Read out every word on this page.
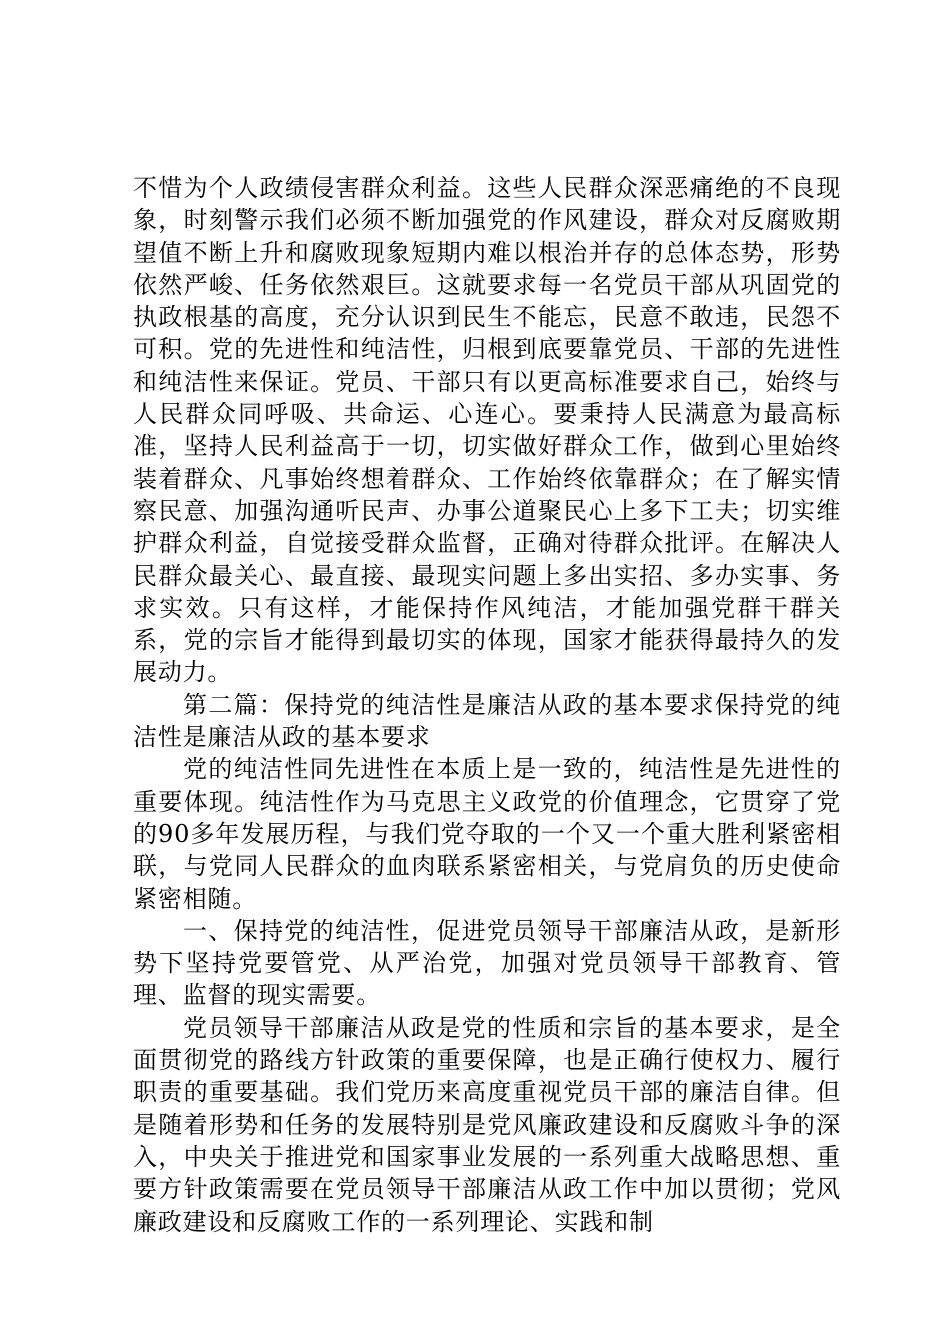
不惜为个人政绩侵害群众利益。这些人民群众深恶痛绝的不良现象，时刻警示我们必须不断加强党的作风建设，群众对反腐败期望值不断上升和腐败现象短期内难以根治并存的总体态势，形势依然严峻、任务依然艰巨。这就要求每一名党员干部从巩固党的执政根基的高度，充分认识到民生不能忘，民意不敢违，民怨不可积。党的先进性和纯洁性，归根到底要靠党员、干部的先进性和纯洁性来保证。党员、干部只有以更高标准要求自己，始终与人民群众同呼吸、共命运、心连心。要秉持人民满意为最高标准，坚持人民利益高于一切，切实做好群众工作，做到心里始终装着群众、凡事始终想着群众、工作始终依靠群众；在了解实情察民意、加强沟通听民声、办事公道聚民心上多下工夫；切实维护群众利益，自觉接受群众监督，正确对待群众批评。在解决人民群众最关心、最直接、最现实问题上多出实招、多办实事、务求实效。只有这样，才能保持作风纯洁，才能加强党群干群关系，党的宗旨才能得到最切实的体现，国家才能获得最持久的发展动力。

第二篇：保持党的纯洁性是廉洁从政的基本要求保持党的纯洁性是廉洁从政的基本要求

党的纯洁性同先进性在本质上是一致的，纯洁性是先进性的重要体现。纯洁性作为马克思主义政党的价值理念，它贯穿了党的90多年发展历程，与我们党夺取的一个又一个重大胜利紧密相联，与党同人民群众的血肉联系紧密相关，与党肩负的历史使命紧密相随。

一、保持党的纯洁性，促进党员领导干部廉洁从政，是新形势下坚持党要管党、从严治党，加强对党员领导干部教育、管理、监督的现实需要。

党员领导干部廉洁从政是党的性质和宗旨的基本要求，是全面贯彻党的路线方针政策的重要保障，也是正确行使权力、履行职责的重要基础。我们党历来高度重视党员干部的廉洁自律。但是随着形势和任务的发展特别是党风廉政建设和反腐败斗争的深入，中央关于推进党和国家事业发展的一系列重大战略思想、重要方针政策需要在党员领导干部廉洁从政工作中加以贯彻；党风廉政建设和反腐败工作的一系列理论、实践和制
